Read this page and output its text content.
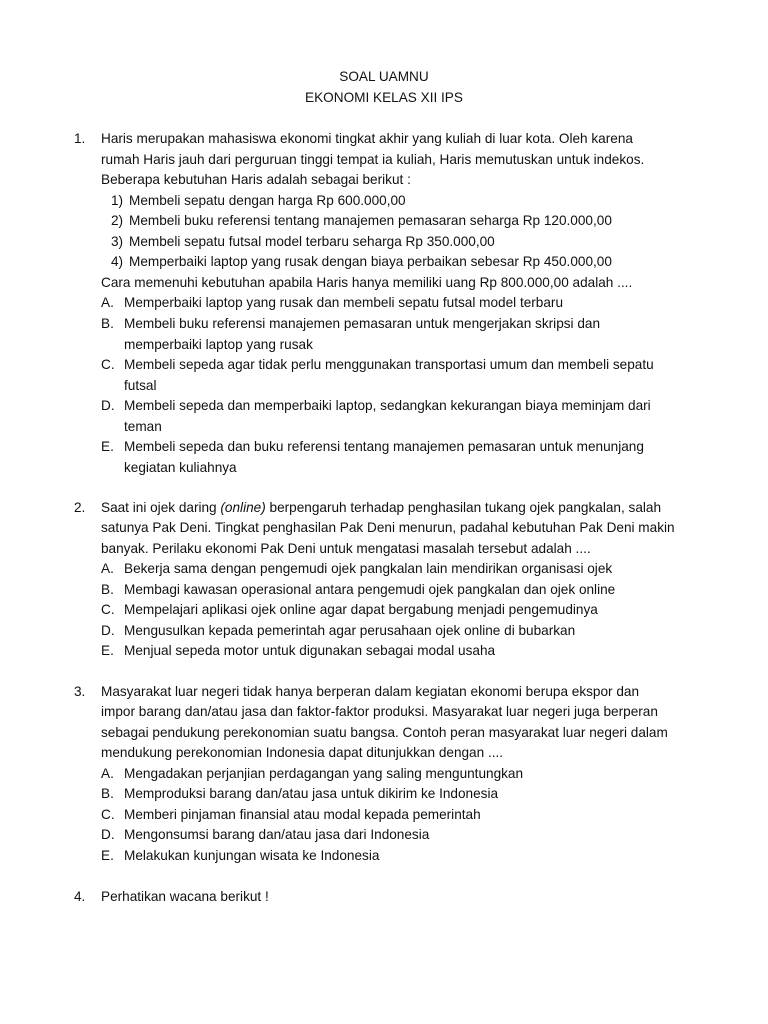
SOAL UAMNU
EKONOMI KELAS XII IPS
1. Haris merupakan mahasiswa ekonomi tingkat akhir yang kuliah di luar kota. Oleh karena
rumah Haris jauh dari perguruan tinggi tempat ia kuliah, Haris memutuskan untuk indekos.
Beberapa kebutuhan Haris adalah sebagai berikut :
1) Membeli sepatu dengan harga Rp 600.000,00
2) Membeli buku referensi tentang manajemen pemasaran seharga Rp 120.000,00
3) Membeli sepatu futsal model terbaru seharga Rp 350.000,00
4) Memperbaiki laptop yang rusak dengan biaya perbaikan sebesar Rp 450.000,00
Cara memenuhi kebutuhan apabila Haris hanya memiliki uang Rp 800.000,00 adalah ....
A. Memperbaiki laptop yang rusak dan membeli sepatu futsal model terbaru
B. Membeli buku referensi manajemen pemasaran untuk mengerjakan skripsi dan
memperbaiki laptop yang rusak
C. Membeli sepeda agar tidak perlu menggunakan transportasi umum dan membeli sepatu
futsal
D. Membeli sepeda dan memperbaiki laptop, sedangkan kekurangan biaya meminjam dari
teman
E. Membeli sepeda dan buku referensi tentang manajemen pemasaran untuk menunjang
kegiatan kuliahnya
2. Saat ini ojek daring (online) berpengaruh terhadap penghasilan tukang ojek pangkalan, salah
satunya Pak Deni. Tingkat penghasilan Pak Deni menurun, padahal kebutuhan Pak Deni makin
banyak. Perilaku ekonomi Pak Deni untuk mengatasi masalah tersebut adalah ....
A. Bekerja sama dengan pengemudi ojek pangkalan lain mendirikan organisasi ojek
B. Membagi kawasan operasional antara pengemudi ojek pangkalan dan ojek online
C. Mempelajari aplikasi ojek online agar dapat bergabung menjadi pengemudinya
D. Mengusulkan kepada pemerintah agar perusahaan ojek online di bubarkan
E. Menjual sepeda motor untuk digunakan sebagai modal usaha
3. Masyarakat luar negeri tidak hanya berperan dalam kegiatan ekonomi berupa ekspor dan
impor barang dan/atau jasa dan faktor-faktor produksi. Masyarakat luar negeri juga berperan
sebagai pendukung perekonomian suatu bangsa. Contoh peran masyarakat luar negeri dalam
mendukung perekonomian Indonesia dapat ditunjukkan dengan ....
A. Mengadakan perjanjian perdagangan yang saling menguntungkan
B. Memproduksi barang dan/atau jasa untuk dikirim ke Indonesia
C. Memberi pinjaman finansial atau modal kepada pemerintah
D. Mengonsumsi barang dan/atau jasa dari Indonesia
E. Melakukan kunjungan wisata ke Indonesia
4. Perhatikan wacana berikut !
